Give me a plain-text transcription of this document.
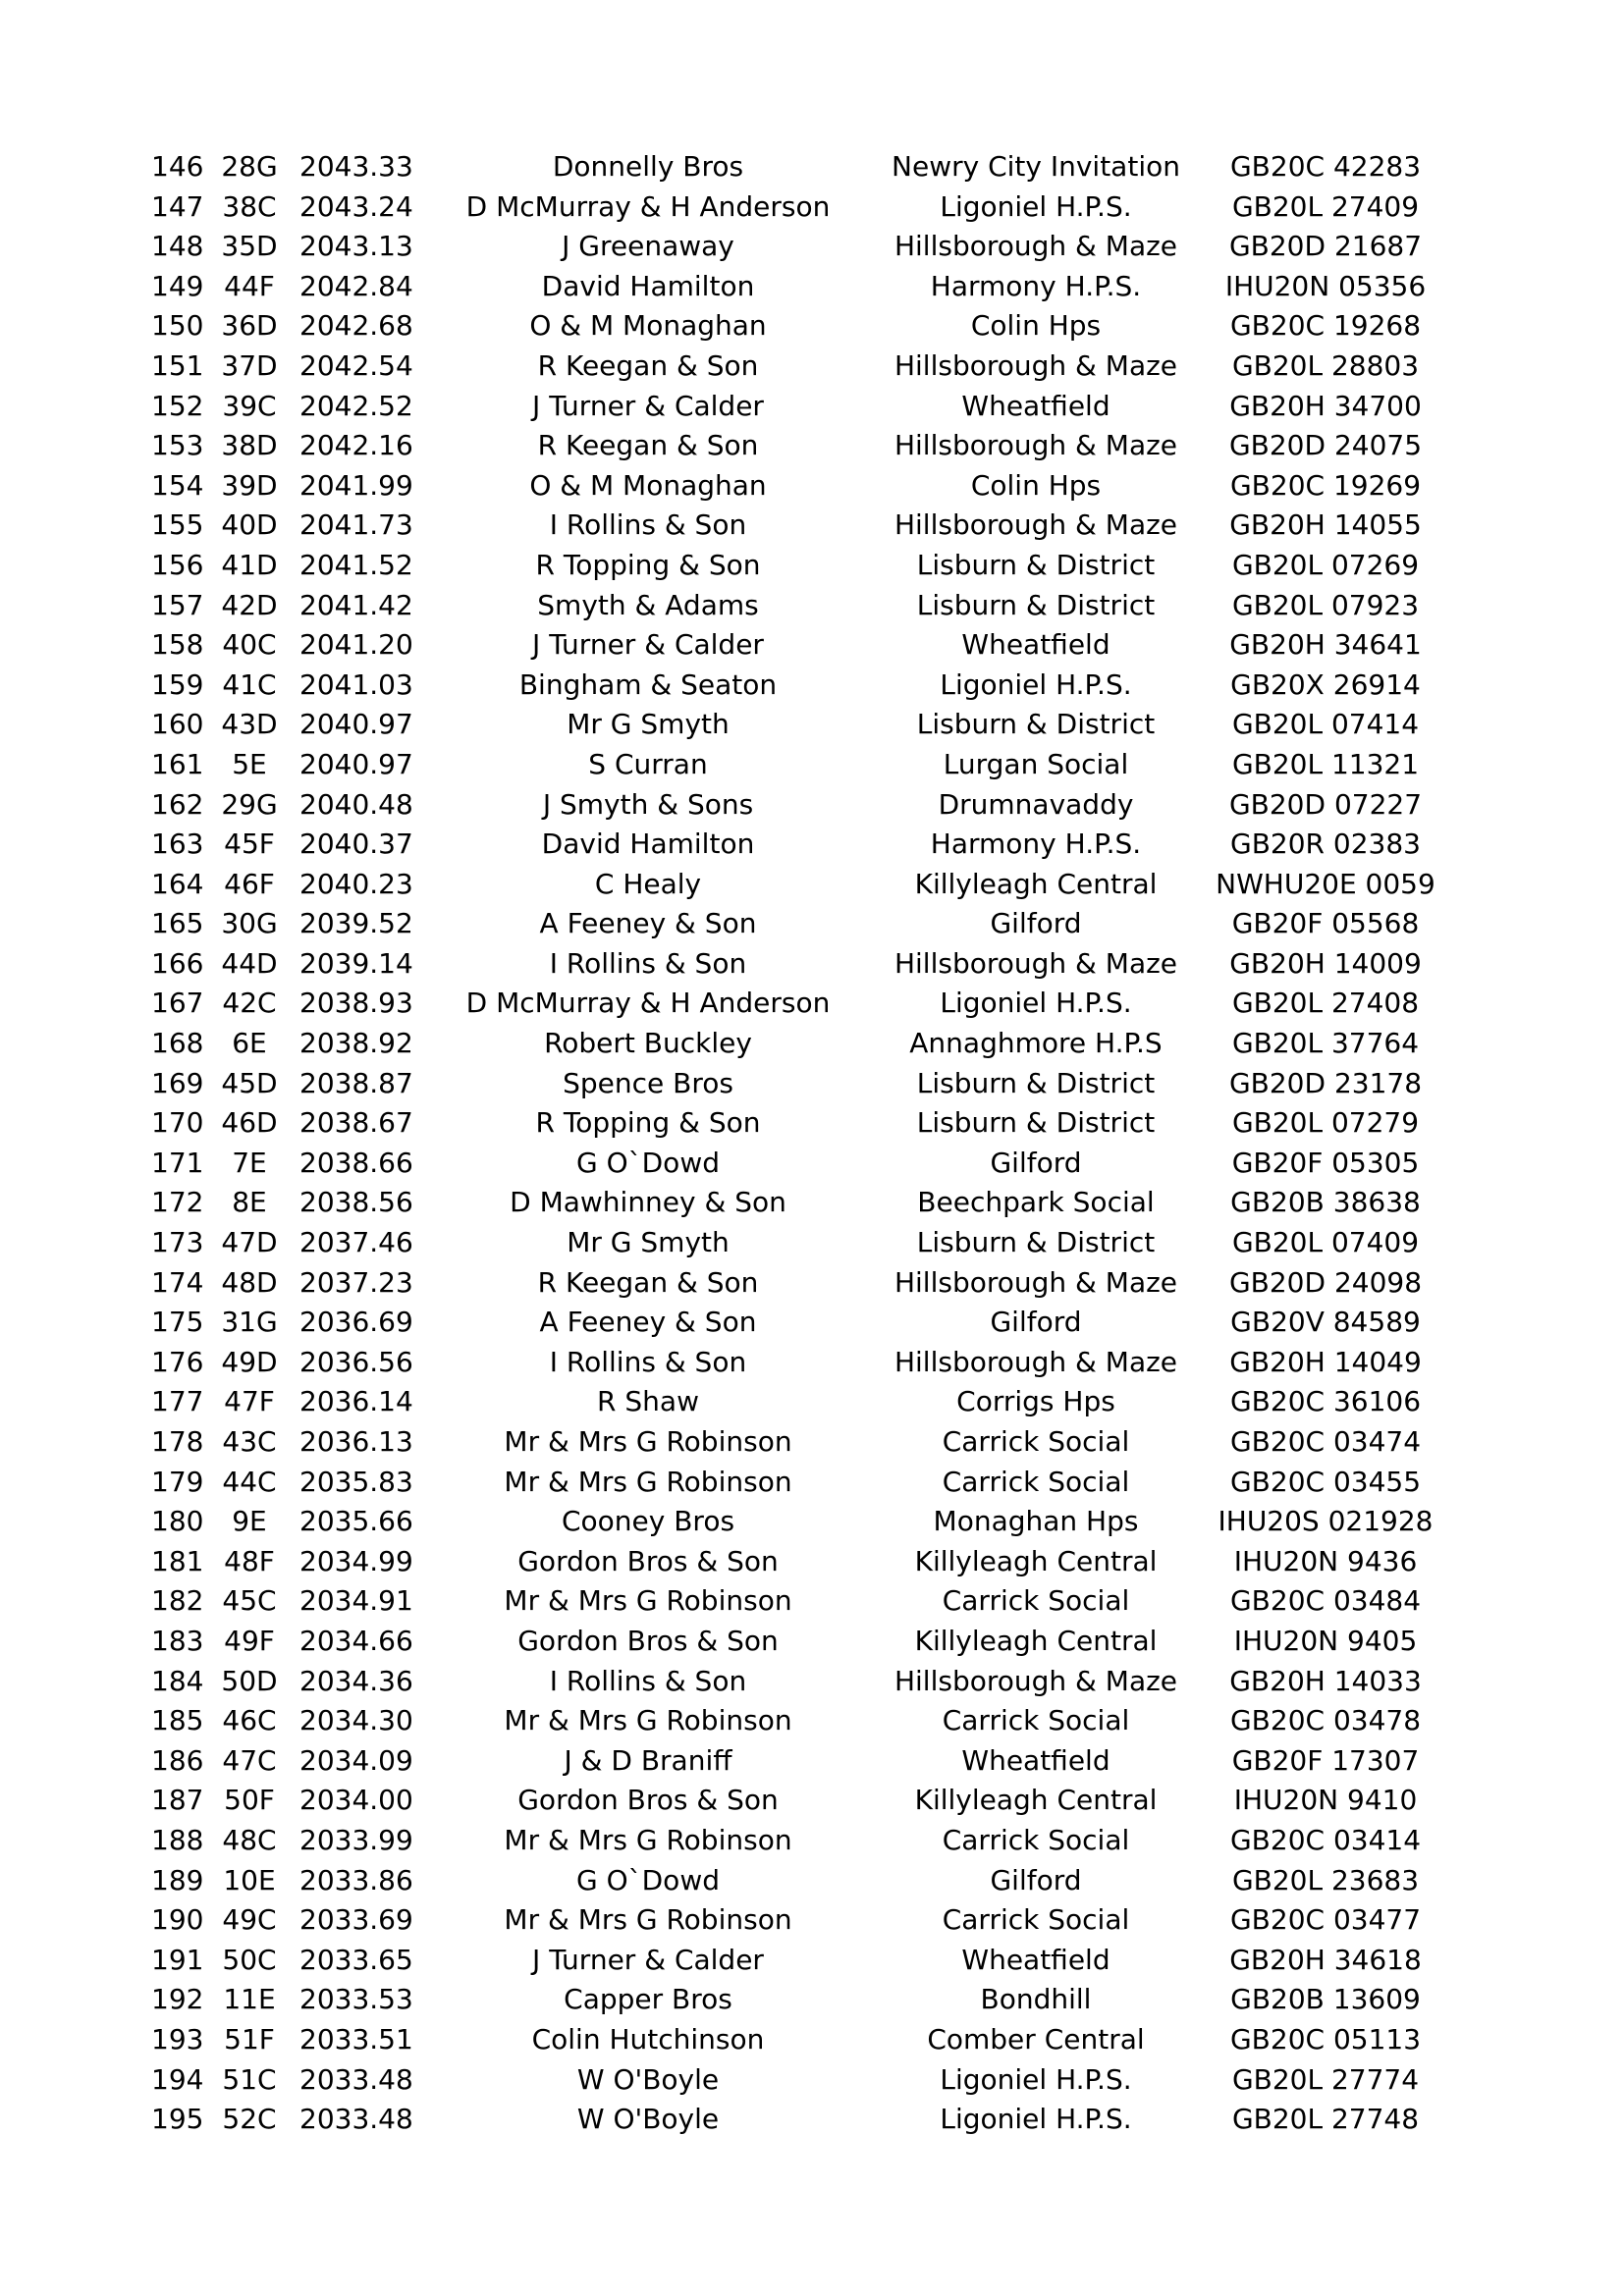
146 28G 2043.33	Donnelly Bros	Newry City Invitation	GB20C 42283
147 38C 2043.24	D McMurray & H Anderson	Ligoniel H.P.S.	GB20L 27409
148 35D 2043.13	J Greenaway	Hillsborough & Maze	GB20D 21687
149 44F 2042.84	David Hamilton	Harmony H.P.S.	IHU20N 05356
150 36D 2042.68	O & M Monaghan	Colin Hps	GB20C 19268
151 37D 2042.54	R Keegan & Son	Hillsborough & Maze	GB20L 28803
152 39C 2042.52	J Turner & Calder	Wheatfield	GB20H 34700
153 38D 2042.16	R Keegan & Son	Hillsborough & Maze	GB20D 24075
154 39D 2041.99	O & M Monaghan	Colin Hps	GB20C 19269
155 40D 2041.73	I Rollins & Son	Hillsborough & Maze	GB20H 14055
156 41D 2041.52	R Topping & Son	Lisburn & District	GB20L 07269
157 42D 2041.42	Smyth & Adams	Lisburn & District	GB20L 07923
158 40C 2041.20	J Turner & Calder	Wheatfield	GB20H 34641
159 41C 2041.03	Bingham & Seaton	Ligoniel H.P.S.	GB20X 26914
160 43D 2040.97	Mr G Smyth	Lisburn & District	GB20L 07414
161	5E	2040.97	S Curran	Lurgan Social	GB20L 11321
162 29G 2040.48	J Smyth & Sons	Drumnavaddy	GB20D 07227
163 45F 2040.37	David Hamilton	Harmony H.P.S.	GB20R 02383
164 46F 2040.23	C Healy	Killyleagh Central	NWHU20E 0059
165 30G 2039.52	A Feeney & Son	Gilford	GB20F 05568
166 44D 2039.14	I Rollins & Son	Hillsborough & Maze	GB20H 14009
167 42C 2038.93	D McMurray & H Anderson	Ligoniel H.P.S.	GB20L 27408
168	6E	2038.92	Robert Buckley	Annaghmore H.P.S	GB20L 37764
169 45D 2038.87	Spence Bros	Lisburn & District	GB20D 23178
170 46D 2038.67	R Topping & Son	Lisburn & District	GB20L 07279
171	7E	2038.66	G O`Dowd	Gilford	GB20F 05305
172	8E	2038.56	D Mawhinney & Son	Beechpark Social	GB20B 38638
173 47D 2037.46	Mr G Smyth	Lisburn & District	GB20L 07409
174 48D 2037.23	R Keegan & Son	Hillsborough & Maze	GB20D 24098
175 31G 2036.69	A Feeney & Son	Gilford	GB20V 84589
176 49D 2036.56	I Rollins & Son	Hillsborough & Maze	GB20H 14049
177 47F 2036.14	R Shaw	Corrigs Hps	GB20C 36106
178 43C 2036.13	Mr & Mrs G Robinson	Carrick Social	GB20C 03474
179 44C 2035.83	Mr & Mrs G Robinson	Carrick Social	GB20C 03455
180	9E	2035.66	Cooney Bros	Monaghan Hps	IHU20S 021928
181 48F 2034.99	Gordon Bros & Son	Killyleagh Central	IHU20N 9436
182 45C 2034.91	Mr & Mrs G Robinson	Carrick Social	GB20C 03484
183 49F 2034.66	Gordon Bros & Son	Killyleagh Central	IHU20N 9405
184 50D 2034.36	I Rollins & Son	Hillsborough & Maze	GB20H 14033
185 46C 2034.30	Mr & Mrs G Robinson	Carrick Social	GB20C 03478
186 47C 2034.09	J & D Braniff	Wheatfield	GB20F 17307
187 50F 2034.00	Gordon Bros & Son	Killyleagh Central	IHU20N 9410
188 48C 2033.99	Mr & Mrs G Robinson	Carrick Social	GB20C 03414
189 10E 2033.86	G O`Dowd	Gilford	GB20L 23683
190 49C 2033.69	Mr & Mrs G Robinson	Carrick Social	GB20C 03477
191 50C 2033.65	J Turner & Calder	Wheatfield	GB20H 34618
192 11E 2033.53	Capper Bros	Bondhill	GB20B 13609
193 51F 2033.51	Colin Hutchinson	Comber Central	GB20C 05113
194 51C 2033.48	W O'Boyle	Ligoniel H.P.S.	GB20L 27774
195 52C 2033.48	W O'Boyle	Ligoniel H.P.S.	GB20L 27748
